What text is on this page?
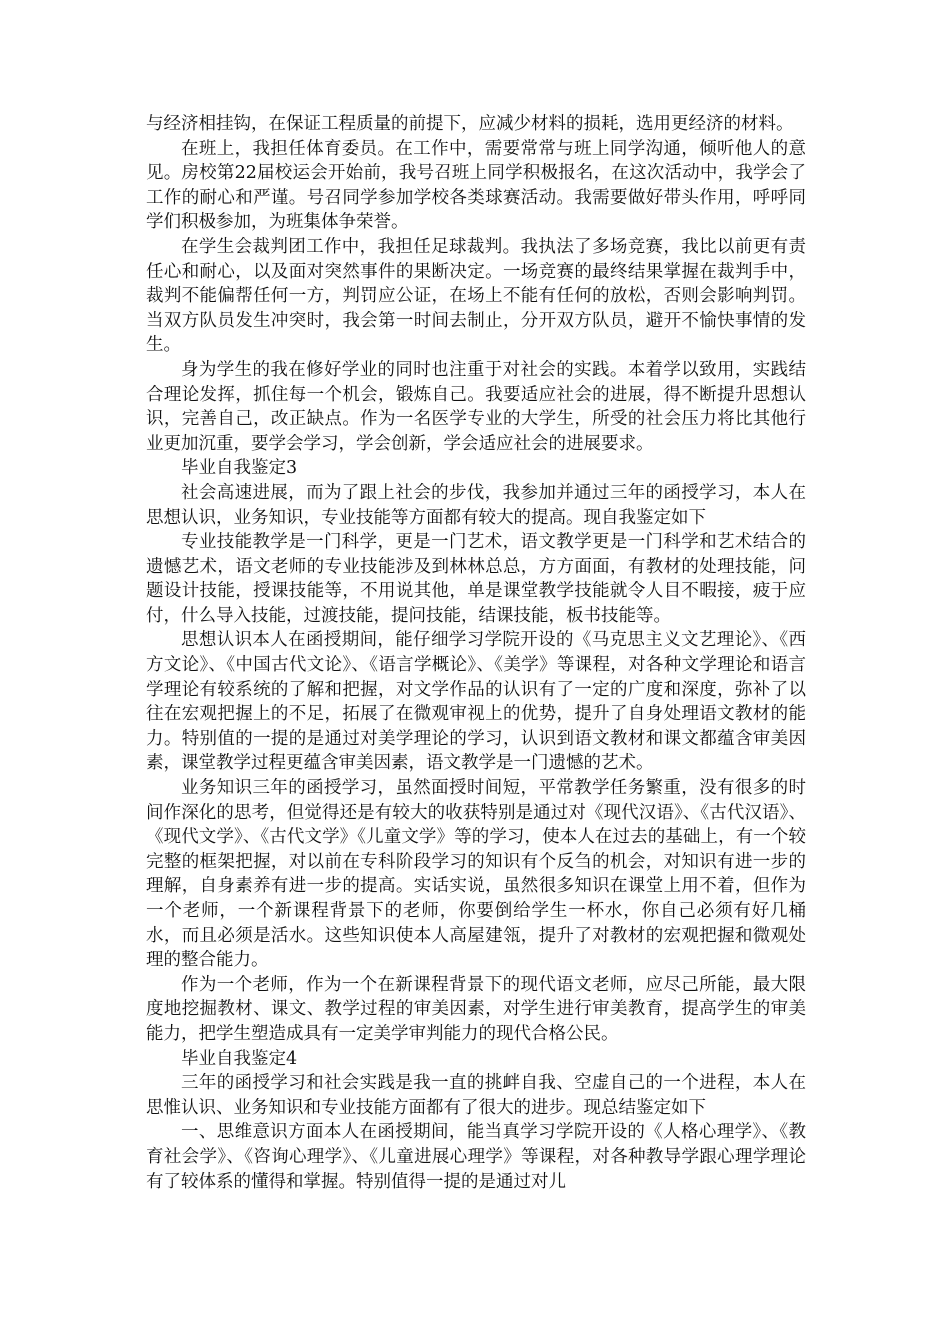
与经济相挂钩，在保证工程质量的前提下，应减少材料的损耗，选用更经济的材料。

在班上，我担任体育委员。在工作中，需要常常与班上同学沟通，倾听他人的意见。房校第22届校运会开始前，我号召班上同学积极报名，在这次活动中，我学会了工作的耐心和严谨。号召同学参加学校各类球赛活动。我需要做好带头作用，呼呼同学们积极参加，为班集体争荣誉。

在学生会裁判团工作中，我担任足球裁判。我执法了多场竞赛，我比以前更有责任心和耐心，以及面对突然事件的果断决定。一场竞赛的最终结果掌握在裁判手中，裁判不能偏帮任何一方，判罚应公证，在场上不能有任何的放松，否则会影响判罚。当双方队员发生冲突时，我会第一时间去制止，分开双方队员，避开不愉快事情的发生。

身为学生的我在修好学业的同时也注重于对社会的实践。本着学以致用，实践结合理论发挥，抓住每一个机会，锻炼自己。我要适应社会的进展，得不断提升思想认识，完善自己，改正缺点。作为一名医学专业的大学生，所受的社会压力将比其他行业更加沉重，要学会学习，学会创新，学会适应社会的进展要求。

毕业自我鉴定3

社会高速进展，而为了跟上社会的步伐，我参加并通过三年的函授学习，本人在思想认识，业务知识，专业技能等方面都有较大的提高。现自我鉴定如下

专业技能教学是一门科学，更是一门艺术，语文教学更是一门科学和艺术结合的遗憾艺术，语文老师的专业技能涉及到林林总总，方方面面，有教材的处理技能，问题设计技能，授课技能等，不用说其他，单是课堂教学技能就令人目不暇接，疲于应付，什么导入技能，过渡技能，提问技能，结课技能，板书技能等。

思想认识本人在函授期间，能仔细学习学院开设的《马克思主义文艺理论》、《西方文论》、《中国古代文论》、《语言学概论》、《美学》等课程，对各种文学理论和语言学理论有较系统的了解和把握，对文学作品的认识有了一定的广度和深度，弥补了以往在宏观把握上的不足，拓展了在微观审视上的优势，提升了自身处理语文教材的能力。特别值的一提的是通过对美学理论的学习，认识到语文教材和课文都蕴含审美因素，课堂教学过程更蕴含审美因素，语文教学是一门遗憾的艺术。

业务知识三年的函授学习，虽然面授时间短，平常教学任务繁重，没有很多的时间作深化的思考，但觉得还是有较大的收获特别是通过对《现代汉语》、《古代汉语》、《现代文学》、《古代文学》《儿童文学》等的学习，使本人在过去的基础上，有一个较完整的框架把握，对以前在专科阶段学习的知识有个反刍的机会，对知识有进一步的理解，自身素养有进一步的提高。实话实说，虽然很多知识在课堂上用不着，但作为一个老师，一个新课程背景下的老师，你要倒给学生一杯水，你自己必须有好几桶水，而且必须是活水。这些知识使本人高屋建瓴，提升了对教材的宏观把握和微观处理的整合能力。

作为一个老师，作为一个在新课程背景下的现代语文老师，应尽己所能，最大限度地挖掘教材、课文、教学过程的审美因素，对学生进行审美教育，提高学生的审美能力，把学生塑造成具有一定美学审判能力的现代合格公民。

毕业自我鉴定4

三年的函授学习和社会实践是我一直的挑衅自我、空虚自己的一个进程，本人在思惟认识、业务知识和专业技能方面都有了很大的进步。现总结鉴定如下

一、思维意识方面本人在函授期间，能当真学习学院开设的《人格心理学》、《教育社会学》、《咨询心理学》、《儿童进展心理学》等课程，对各种教导学跟心理学理论有了较体系的懂得和掌握。特别值得一提的是通过对儿
